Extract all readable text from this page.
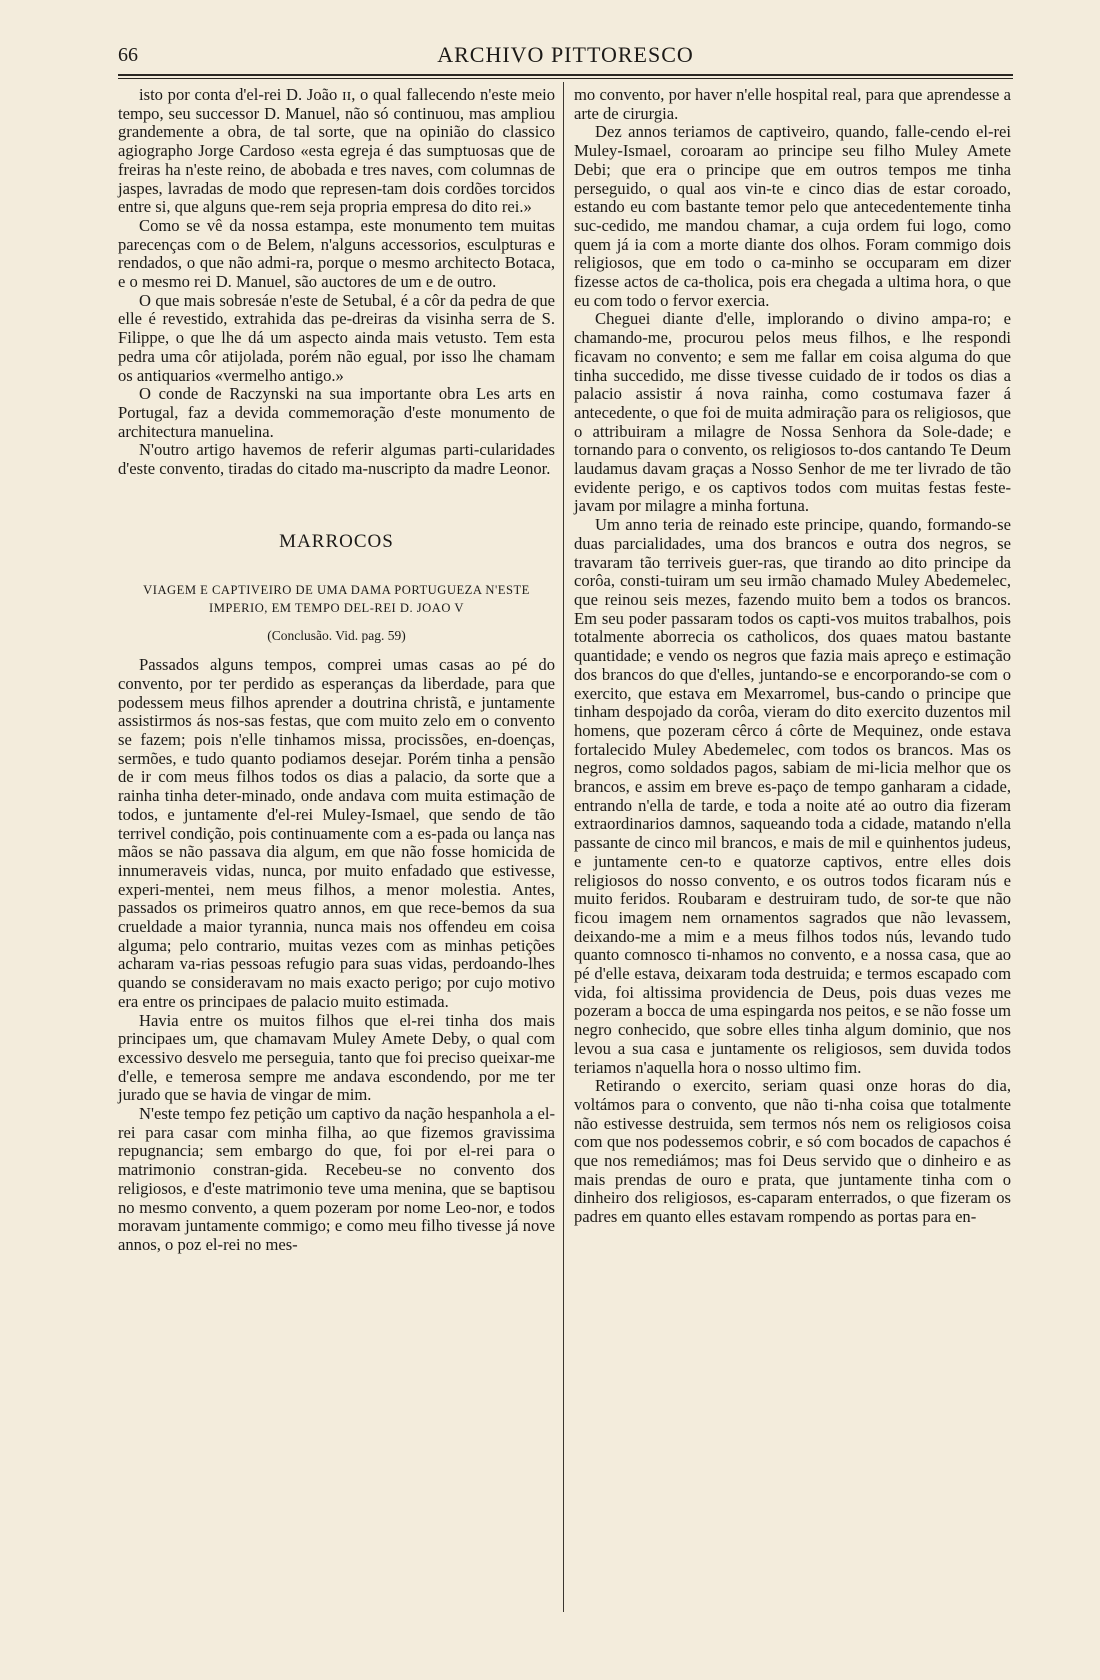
66	ARCHIVO PITTORESCO

isto por conta d'el-rei D. João ɪɪ, o qual fallecendo n'este meio tempo, seu successor D. Manuel, não só continuou, mas ampliou grandemente a obra, de tal sorte, que na opinião do classico agiographo Jorge Cardoso «esta egreja é das sumptuosas que de freiras ha n'este reino, de abobada e tres naves, com columnas de jaspes, lavradas de modo que represen-tam dois cordões torcidos entre si, que alguns que-rem seja propria empresa do dito rei.»

Como se vê da nossa estampa, este monumento tem muitas parecenças com o de Belem, n'alguns accessorios, esculpturas e rendados, o que não admi-ra, porque o mesmo architecto Botaca, e o mesmo rei D. Manuel, são auctores de um e de outro.

O que mais sobresáe n'este de Setubal, é a côr da pedra de que elle é revestido, extrahida das pe-dreiras da visinha serra de S. Filippe, o que lhe dá um aspecto ainda mais vetusto. Tem esta pedra uma côr atijolada, porém não egual, por isso lhe chamam os antiquarios «vermelho antigo.»

O conde de Raczynski na sua importante obra Les arts en Portugal, faz a devida commemoração d'este monumento de architectura manuelina.

N'outro artigo havemos de referir algumas parti-cularidades d'este convento, tiradas do citado ma-nuscripto da madre Leonor.

MARROCOS
VIAGEM E CAPTIVEIRO DE UMA DAMA PORTUGUEZA N'ESTE
IMPERIO, EM TEMPO DEL-REI D. JOAO V
(Conclusão. Vid. pag. 59)

Passados alguns tempos, comprei umas casas ao pé do convento, por ter perdido as esperanças da liberdade, para que podessem meus filhos aprender a doutrina christã, e juntamente assistirmos ás nos-sas festas, que com muito zelo em o convento se fazem; pois n'elle tinhamos missa, procissões, en-doenças, sermões, e tudo quanto podiamos desejar. Porém tinha a pensão de ir com meus filhos todos os dias a palacio, da sorte que a rainha tinha deter-minado, onde andava com muita estimação de todos, e juntamente d'el-rei Muley-Ismael, que sendo de tão terrivel condição, pois continuamente com a es-pada ou lança nas mãos se não passava dia algum, em que não fosse homicida de innumeraveis vidas, nunca, por muito enfadado que estivesse, experi-mentei, nem meus filhos, a menor molestia. Antes, passados os primeiros quatro annos, em que rece-bemos da sua crueldade a maior tyrannia, nunca mais nos offendeu em coisa alguma; pelo contrario, muitas vezes com as minhas petições acharam va-rias pessoas refugio para suas vidas, perdoando-lhes quando se consideravam no mais exacto perigo; por cujo motivo era entre os principaes de palacio muito estimada.

Havia entre os muitos filhos que el-rei tinha dos mais principaes um, que chamavam Muley Amete Deby, o qual com excessivo desvelo me perseguia, tanto que foi preciso queixar-me d'elle, e temerosa sempre me andava escondendo, por me ter jurado que se havia de vingar de mim.

N'este tempo fez petição um captivo da nação hespanhola a el-rei para casar com minha filha, ao que fizemos gravissima repugnancia; sem embargo do que, foi por el-rei para o matrimonio constran-gida. Recebeu-se no convento dos religiosos, e d'este matrimonio teve uma menina, que se baptisou no mesmo convento, a quem pozeram por nome Leo-nor, e todos moravam juntamente commigo; e como meu filho tivesse já nove annos, o poz el-rei no mes-

mo convento, por haver n'elle hospital real, para que aprendesse a arte de cirurgia.

Dez annos teriamos de captiveiro, quando, falle-cendo el-rei Muley-Ismael, coroaram ao principe seu filho Muley Amete Debi; que era o principe que em outros tempos me tinha perseguido, o qual aos vin-te e cinco dias de estar coroado, estando eu com bastante temor pelo que antecedentemente tinha suc-cedido, me mandou chamar, a cuja ordem fui logo, como quem já ia com a morte diante dos olhos. Foram commigo dois religiosos, que em todo o ca-minho se occuparam em dizer fizesse actos de ca-tholica, pois era chegada a ultima hora, o que eu com todo o fervor exercia.

Cheguei diante d'elle, implorando o divino ampa-ro; e chamando-me, procurou pelos meus filhos, e lhe respondi ficavam no convento; e sem me fallar em coisa alguma do que tinha succedido, me disse tivesse cuidado de ir todos os dias a palacio assistir á nova rainha, como costumava fazer á antecedente, o que foi de muita admiração para os religiosos, que o attribuiram a milagre de Nossa Senhora da Sole-dade; e tornando para o convento, os religiosos to-dos cantando Te Deum laudamus davam graças a Nosso Senhor de me ter livrado de tão evidente perigo, e os captivos todos com muitas festas feste-javam por milagre a minha fortuna.

Um anno teria de reinado este principe, quando, formando-se duas parcialidades, uma dos brancos e outra dos negros, se travaram tão terriveis guer-ras, que tirando ao dito principe da corôa, consti-tuiram um seu irmão chamado Muley Abedemelec, que reinou seis mezes, fazendo muito bem a todos os brancos. Em seu poder passaram todos os capti-vos muitos trabalhos, pois totalmente aborrecia os catholicos, dos quaes matou bastante quantidade; e vendo os negros que fazia mais apreço e estimação dos brancos do que d'elles, juntando-se e encorporando-se com o exercito, que estava em Mexarromel, bus-cando o principe que tinham despojado da corôa, vieram do dito exercito duzentos mil homens, que pozeram cêrco á côrte de Mequinez, onde estava fortalecido Muley Abedemelec, com todos os brancos. Mas os negros, como soldados pagos, sabiam de mi-licia melhor que os brancos, e assim em breve es-paço de tempo ganharam a cidade, entrando n'ella de tarde, e toda a noite até ao outro dia fizeram extraordinarios damnos, saqueando toda a cidade, matando n'ella passante de cinco mil brancos, e mais de mil e quinhentos judeus, e juntamente cen-to e quatorze captivos, entre elles dois religiosos do nosso convento, e os outros todos ficaram nús e muito feridos. Roubaram e destruiram tudo, de sor-te que não ficou imagem nem ornamentos sagrados que não levassem, deixando-me a mim e a meus filhos todos nús, levando tudo quanto comnosco ti-nhamos no convento, e a nossa casa, que ao pé d'elle estava, deixaram toda destruida; e termos escapado com vida, foi altissima providencia de Deus, pois duas vezes me pozeram a bocca de uma espingarda nos peitos, e se não fosse um negro conhecido, que sobre elles tinha algum dominio, que nos levou a sua casa e juntamente os religiosos, sem duvida todos teriamos n'aquella hora o nosso ultimo fim.

Retirando o exercito, seriam quasi onze horas do dia, voltámos para o convento, que não ti-nha coisa que totalmente não estivesse destruida, sem termos nós nem os religiosos coisa com que nos podessemos cobrir, e só com bocados de capachos é que nos remediámos; mas foi Deus servido que o dinheiro e as mais prendas de ouro e prata, que juntamente tinha com o dinheiro dos religiosos, es-caparam enterrados, o que fizeram os padres em quanto elles estavam rompendo as portas para en-
